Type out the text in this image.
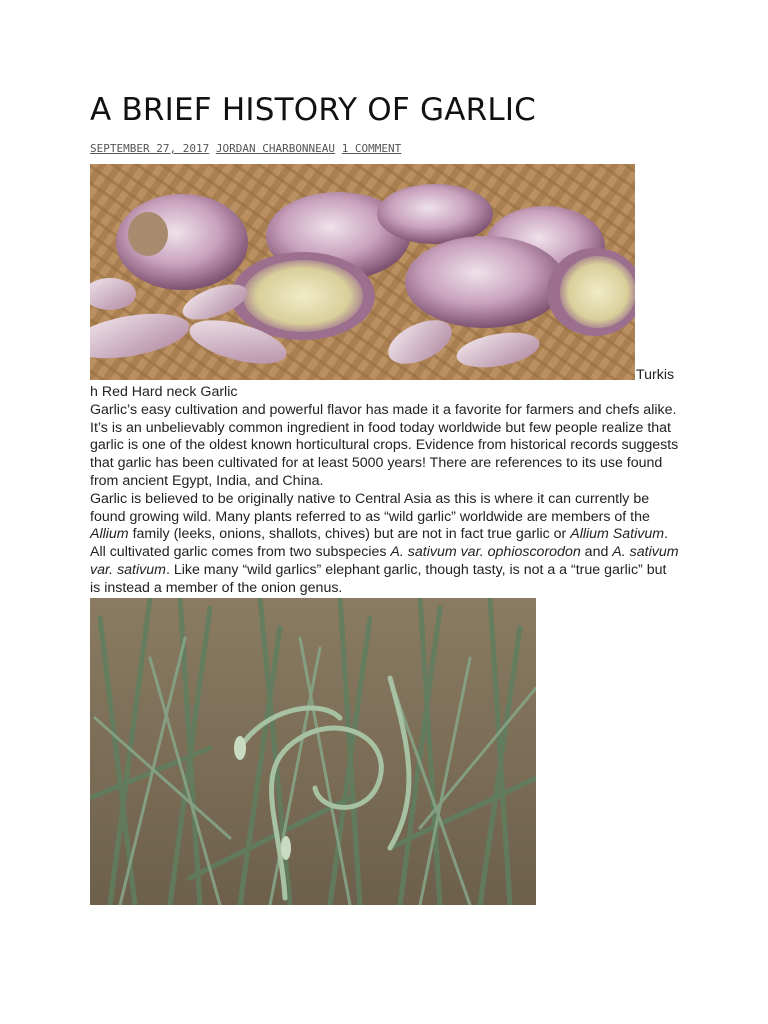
A BRIEF HISTORY OF GARLIC
SEPTEMBER 27, 2017 JORDAN CHARBONNEAU 1 COMMENT
Turkis

h Red Hard neck Garlic

Garlic’s easy cultivation and powerful flavor has made it a favorite for farmers and chefs alike. It’s is an unbelievably common ingredient in food today worldwide but few people realize that garlic is one of the oldest known horticultural crops. Evidence from historical records suggests that garlic has been cultivated for at least 5000 years! There are references to its use found from ancient Egypt, India, and China.

Garlic is believed to be originally native to Central Asia as this is where it can currently be found growing wild. Many plants referred to as “wild garlic” worldwide are members of the Allium family (leeks, onions, shallots, chives) but are not in fact true garlic or Allium Sativum. All cultivated garlic comes from two subspecies A. sativum var. ophioscorodon and A. sativum var. sativum. Like many “wild garlics” elephant garlic, though tasty, is not a a “true garlic” but is instead a member of the onion genus.
